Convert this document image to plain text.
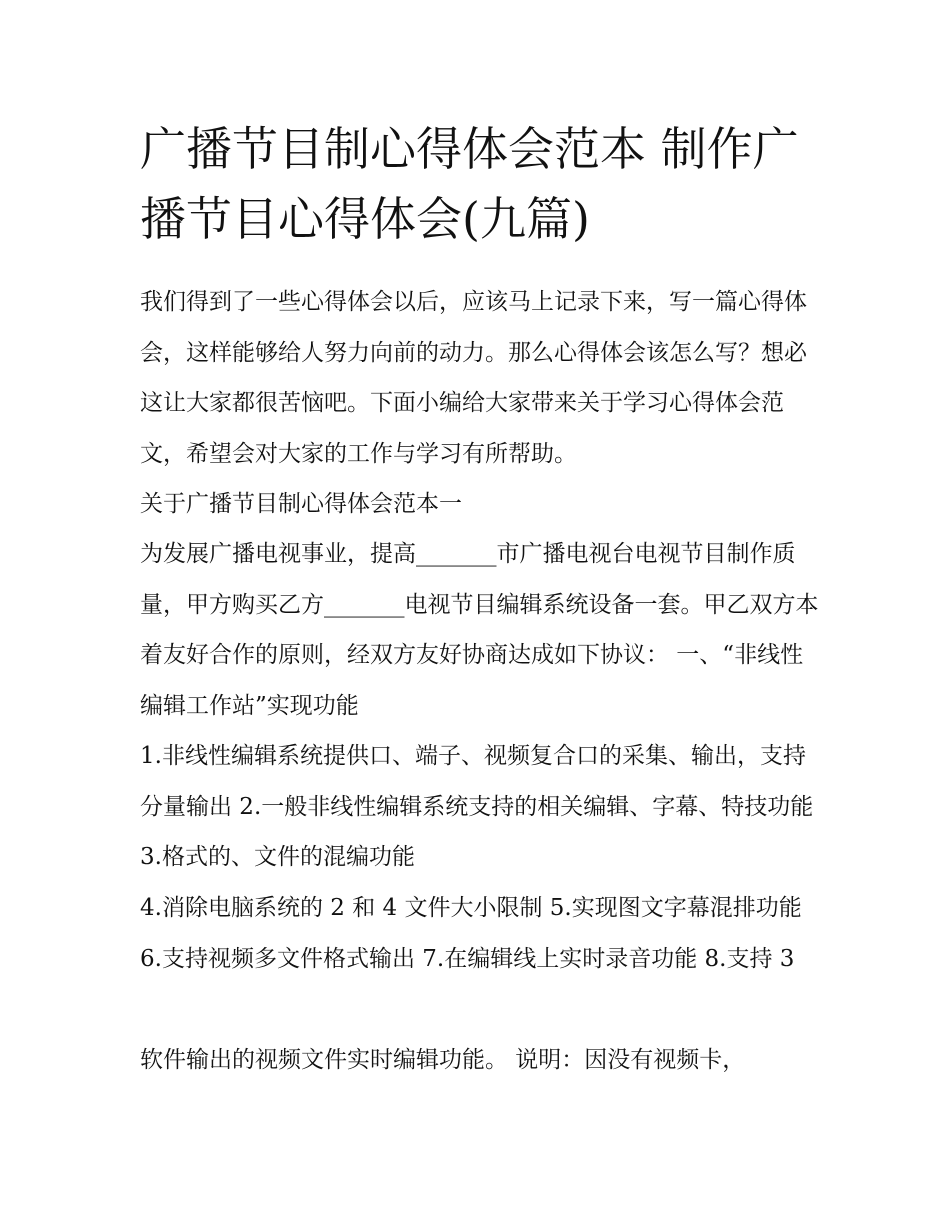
广播节目制心得体会范本 制作广播节目心得体会(九篇)

我们得到了一些心得体会以后，应该马上记录下来，写一篇心得体会，这样能够给人努力向前的动力。那么心得体会该怎么写？想必这让大家都很苦恼吧。下面小编给大家带来关于学习心得体会范文，希望会对大家的工作与学习有所帮助。

关于广播节目制心得体会范本一

为发展广播电视事业，提高_______市广播电视台电视节目制作质量，甲方购买乙方_______电视节目编辑系统设备一套。甲乙双方本着友好合作的原则，经双方友好协商达成如下协议： 一、“非线性编辑工作站”实现功能

1.非线性编辑系统提供口、端子、视频复合口的采集、输出，支持分量输出 2.一般非线性编辑系统支持的相关编辑、字幕、特技功能 3.格式的、文件的混编功能

4.消除电脑系统的 2 和 4 文件大小限制 5.实现图文字幕混排功能 6.支持视频多文件格式输出 7.在编辑线上实时录音功能 8.支持 3

软件输出的视频文件实时编辑功能。 说明：因没有视频卡，
